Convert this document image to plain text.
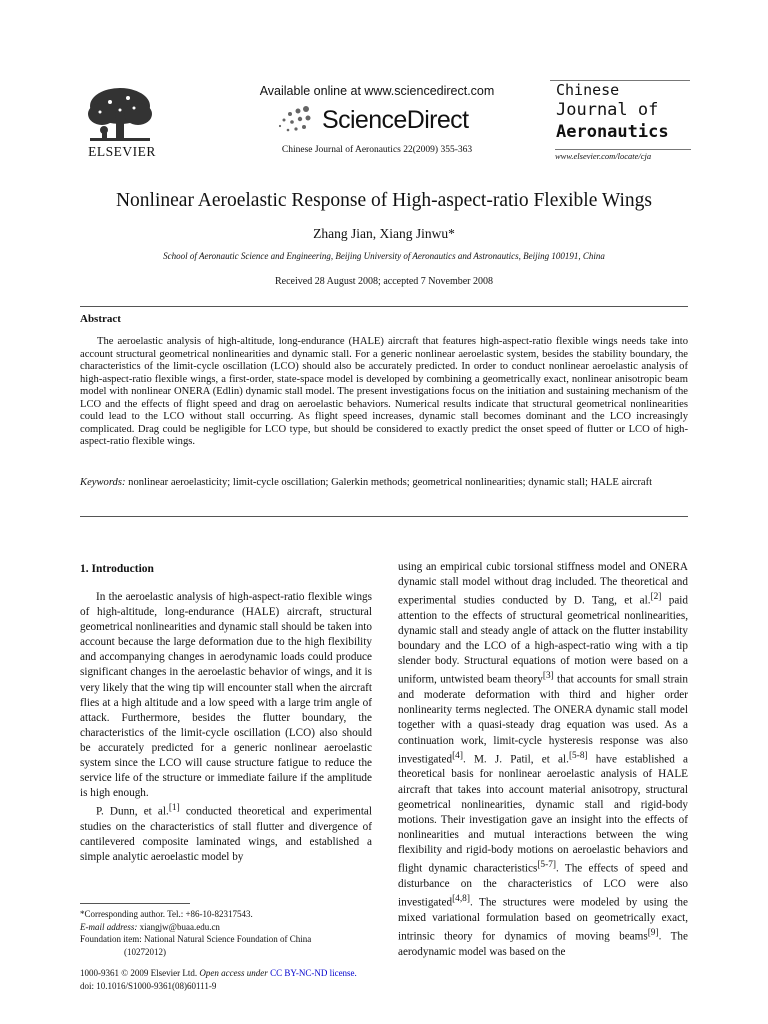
ELSEVIER
Available online at www.sciencedirect.com
ScienceDirect
Chinese Journal of Aeronautics 22(2009) 355-363
Chinese
Journal of
Aeronautics
www.elsevier.com/locate/cja
Nonlinear Aeroelastic Response of High-aspect-ratio Flexible Wings
Zhang Jian, Xiang Jinwu*
School of Aeronautic Science and Engineering, Beijing University of Aeronautics and Astronautics, Beijing 100191, China
Received 28 August 2008; accepted 7 November 2008
Abstract
The aeroelastic analysis of high-altitude, long-endurance (HALE) aircraft that features high-aspect-ratio flexible wings needs take into account structural geometrical nonlinearities and dynamic stall. For a generic nonlinear aeroelastic system, besides the stability boundary, the characteristics of the limit-cycle oscillation (LCO) should also be accurately predicted. In order to conduct nonlinear aeroelastic analysis of high-aspect-ratio flexible wings, a first-order, state-space model is developed by combining a geometrically exact, nonlinear anisotropic beam model with nonlinear ONERA (Edlin) dynamic stall model. The present investigations focus on the initiation and sustaining mechanism of the LCO and the effects of flight speed and drag on aeroelastic behaviors. Numerical results indicate that structural geometrical nonlinearities could lead to the LCO without stall occurring. As flight speed increases, dynamic stall becomes dominant and the LCO increasingly complicated. Drag could be negligible for LCO type, but should be considered to exactly predict the onset speed of flutter or LCO of high-aspect-ratio flexible wings.
Keywords: nonlinear aeroelasticity; limit-cycle oscillation; Galerkin methods; geometrical nonlinearities; dynamic stall; HALE aircraft
1. Introduction

In the aeroelastic analysis of high-aspect-ratio flexible wings of high-altitude, long-endurance (HALE) aircraft, structural geometrical nonlinearities and dynamic stall should be taken into account because the large deformation due to the high flexibility and accompanying changes in aerodynamic loads could produce significant changes in the aeroelastic behavior of wings, and it is very likely that the wing tip will encounter stall when the aircraft flies at a high altitude and a low speed with a large trim angle of attack. Furthermore, besides the flutter boundary, the characteristics of the limit-cycle oscillation (LCO) also should be accurately predicted for a generic nonlinear aeroelastic system since the LCO will cause structure fatigue to reduce the service life of the structure or immediate failure if the amplitude is high enough.

P. Dunn, et al.[1] conducted theoretical and experimental studies on the characteristics of stall flutter and divergence of cantilevered composite laminated wings, and established a simple analytic aeroelastic model by

using an empirical cubic torsional stiffness model and ONERA dynamic stall model without drag included. The theoretical and experimental studies conducted by D. Tang, et al.[2] paid attention to the effects of structural geometrical nonlinearities, dynamic stall and steady angle of attack on the flutter instability boundary and the LCO of a high-aspect-ratio wing with a tip slender body. Structural equations of motion were based on a uniform, untwisted beam theory[3] that accounts for small strain and moderate deformation with third and higher order nonlinearity terms neglected. The ONERA dynamic stall model together with a quasi-steady drag equation was used. As a continuation work, limit-cycle hysteresis response was also investigated[4]. M. J. Patil, et al.[5-8] have established a theoretical basis for nonlinear aeroelastic analysis of HALE aircraft that takes into account material anisotropy, structural geometrical nonlinearities, dynamic stall and rigid-body motions. Their investigation gave an insight into the effects of nonlinearities and mutual interactions between the wing flexibility and rigid-body motions on aeroelastic behaviors and flight dynamic characteristics[5-7]. The effects of speed and disturbance on the characteristics of LCO were also investigated[4,8]. The structures were modeled by using the mixed variational formulation based on geometrically exact, intrinsic theory for dynamics of moving beams[9]. The aerodynamic model was based on the

*Corresponding author. Tel.: +86-10-82317543.
E-mail address: xiangjw@buaa.edu.cn
Foundation item: National Natural Science Foundation of China
(10272012)
1000-9361 © 2009 Elsevier Ltd. Open access under CC BY-NC-ND license.
doi: 10.1016/S1000-9361(08)60111-9
